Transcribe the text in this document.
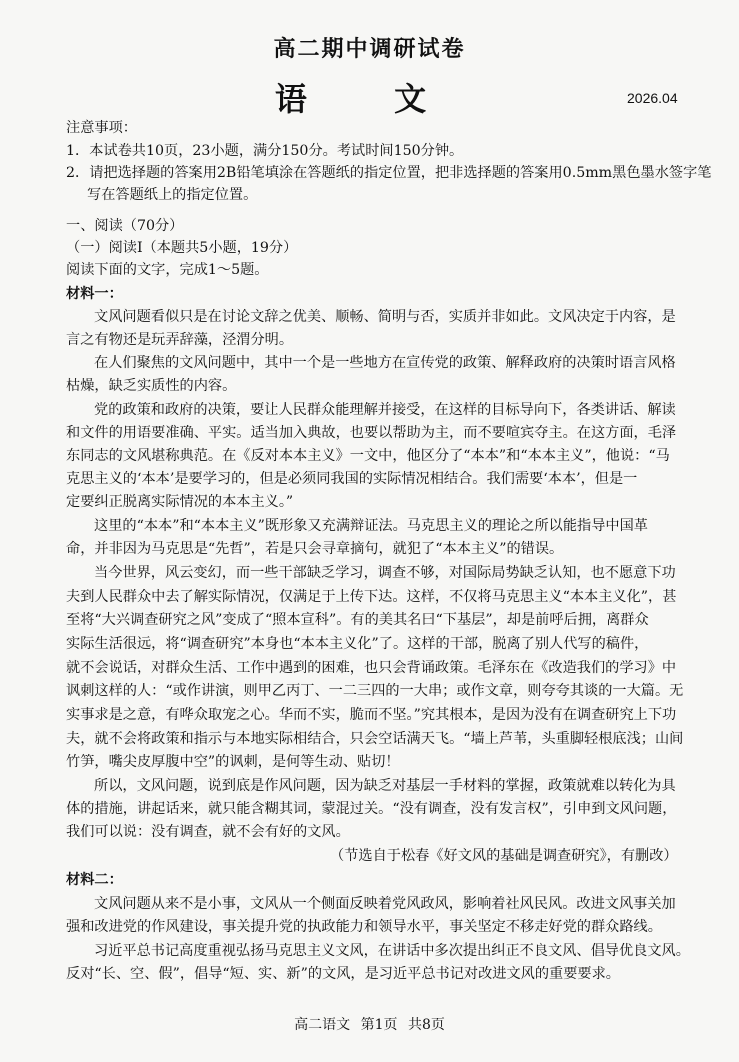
高二期中调研试卷
语 文	2026.04
注意事项：
1．本试卷共10页，23小题，满分150分。考试时间150分钟。
2．请把选择题的答案用2B铅笔填涂在答题纸的指定位置，把非选择题的答案用0.5mm黑色墨水签字笔
写在答题纸上的指定位置。
一、阅读（70分）
（一）阅读Ⅰ（本题共5小题，19分）
阅读下面的文字，完成1～5题。
材料一：
文风问题看似只是在讨论文辞之优美、顺畅、简明与否，实质并非如此。文风决定于内容，是
言之有物还是玩弄辞藻，泾渭分明。
在人们聚焦的文风问题中，其中一个是一些地方在宣传党的政策、解释政府的决策时语言风格
枯燥，缺乏实质性的内容。
党的政策和政府的决策，要让人民群众能理解并接受，在这样的目标导向下，各类讲话、解读
和文件的用语要准确、平实。适当加入典故，也要以帮助为主，而不要喧宾夺主。在这方面，毛泽
东同志的文风堪称典范。在《反对本本主义》一文中，他区分了“本本”和“本本主义”，他说：“马
克思主义的‘本本’是要学习的，但是必须同我国的实际情况相结合。我们需要‘本本’，但是一
定要纠正脱离实际情况的本本主义。”
这里的“本本”和“本本主义”既形象又充满辩证法。马克思主义的理论之所以能指导中国革
命，并非因为马克思是“先哲”，若是只会寻章摘句，就犯了“本本主义”的错误。
当今世界，风云变幻，而一些干部缺乏学习，调查不够，对国际局势缺乏认知，也不愿意下功
夫到人民群众中去了解实际情况，仅满足于上传下达。这样，不仅将马克思主义“本本主义化”，甚
至将“大兴调查研究之风”变成了“照本宣科”。有的美其名曰“下基层”，却是前呼后拥，离群众
实际生活很远，将“调查研究”本身也“本本主义化”了。这样的干部，脱离了别人代写的稿件，
就不会说话，对群众生活、工作中遇到的困难，也只会背诵政策。毛泽东在《改造我们的学习》中
讽刺这样的人：“或作讲演，则甲乙丙丁、一二三四的一大串；或作文章，则夸夸其谈的一大篇。无
实事求是之意，有哗众取宠之心。华而不实，脆而不坚。”究其根本，是因为没有在调查研究上下功
夫，就不会将政策和指示与本地实际相结合，只会空话满天飞。“墙上芦苇，头重脚轻根底浅；山间
竹笋，嘴尖皮厚腹中空”的讽刺，是何等生动、贴切！
所以，文风问题，说到底是作风问题，因为缺乏对基层一手材料的掌握，政策就难以转化为具
体的措施，讲起话来，就只能含糊其词，蒙混过关。“没有调查，没有发言权”，引申到文风问题，
我们可以说：没有调查，就不会有好的文风。
（节选自于松春《好文风的基础是调查研究》，有删改）
材料二：
文风问题从来不是小事，文风从一个侧面反映着党风政风，影响着社风民风。改进文风事关加
强和改进党的作风建设，事关提升党的执政能力和领导水平，事关坚定不移走好党的群众路线。
习近平总书记高度重视弘扬马克思主义文风，在讲话中多次提出纠正不良文风、倡导优良文风。
反对“长、空、假”，倡导“短、实、新”的文风，是习近平总书记对改进文风的重要要求。
高二语文 第1页 共8页
